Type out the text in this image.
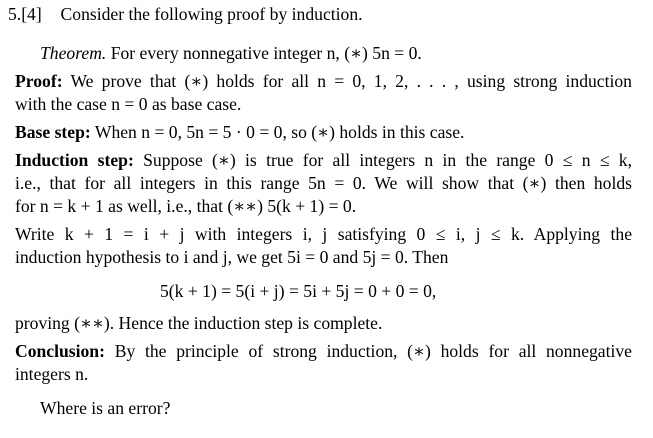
5.[4] Consider the following proof by induction.
Theorem. For every nonnegative integer n, (∗) 5n = 0.
Proof: We prove that (∗) holds for all n = 0, 1, 2, . . . , using strong induction
with the case n = 0 as base case.
Base step: When n = 0, 5n = 5 · 0 = 0, so (∗) holds in this case.
Induction step: Suppose (∗) is true for all integers n in the range 0 ≤ n ≤ k,
i.e., that for all integers in this range 5n = 0. We will show that (∗) then holds
for n = k + 1 as well, i.e., that (∗∗) 5(k + 1) = 0.
Write k + 1 = i + j with integers i, j satisfying 0 ≤ i, j ≤ k. Applying the
induction hypothesis to i and j, we get 5i = 0 and 5j = 0. Then
5(k + 1) = 5(i + j) = 5i + 5j = 0 + 0 = 0,
proving (∗∗). Hence the induction step is complete.
Conclusion: By the principle of strong induction, (∗) holds for all nonnegative
integers n.
Where is an error?
